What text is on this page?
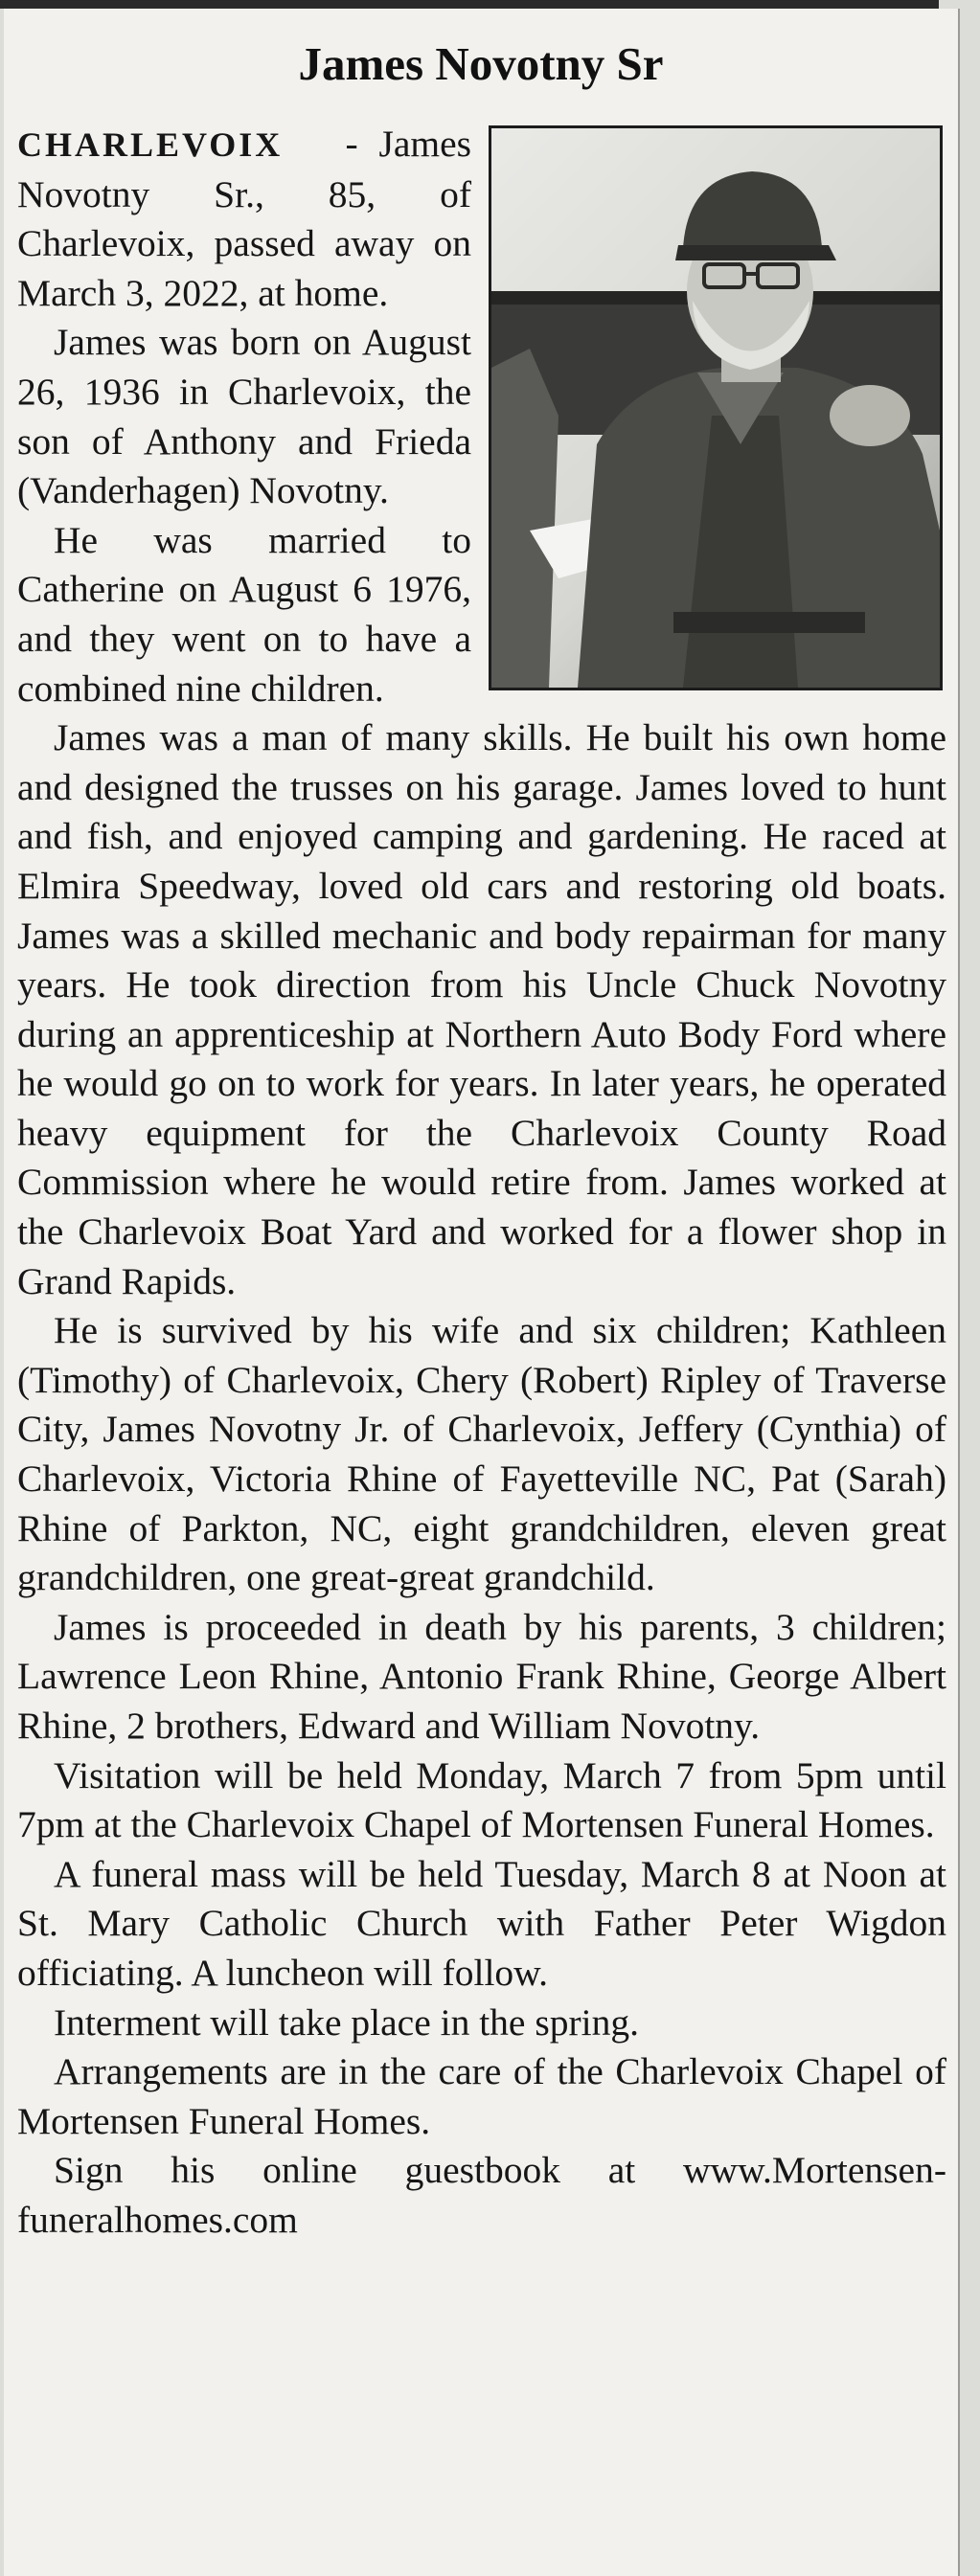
James Novotny Sr

CHARLEVOIX   - James Novotny Sr., 85, of Charlevoix, passed away on March 3, 2022, at home.

James was born on August 26, 1936 in Charlevoix, the son of Anthony and Frieda (Vanderhagen) Novotny.

He was married to Catherine on August 6 1976, and they went on to have a combined nine children.

James was a man of many skills. He built his own home and designed the trusses on his garage. James loved to hunt and fish, and enjoyed camping and gardening. He raced at Elmira Speedway, loved old cars and restoring old boats. James was a skilled mechanic and body repairman for many years. He took direction from his Uncle Chuck Novotny during an apprenticeship at Northern Auto Body Ford where he would go on to work for years. In later years, he operated heavy equipment for the Charlevoix County Road Commission where he would retire from. James worked at the Charlevoix Boat Yard and worked for a flower shop in Grand Rapids.

He is survived by his wife and six children; Kathleen (Timothy) of Charlevoix, Chery (Robert) Ripley of Traverse City, James Novotny Jr. of Charlevoix, Jeffery (Cynthia) of Charlevoix, Victoria Rhine of Fayetteville NC, Pat (Sarah) Rhine of Parkton, NC, eight grandchildren, eleven great grandchildren, one great-great grandchild.

James is proceeded in death by his parents, 3 children; Lawrence Leon Rhine, Antonio Frank Rhine, George Albert Rhine, 2 brothers, Edward and William Novotny.

Visitation will be held Monday, March 7 from 5pm until 7pm at the Charlevoix Chapel of Mortensen Funeral Homes.

A funeral mass will be held Tuesday, March 8 at Noon at St. Mary Catholic Church with Father Peter Wigdon officiating. A luncheon will follow.

Interment will take place in the spring.

Arrangements are in the care of the Charlevoix Chapel of Mortensen Funeral Homes.

Sign his online guestbook at www.Mortensen-funeralhomes.com
